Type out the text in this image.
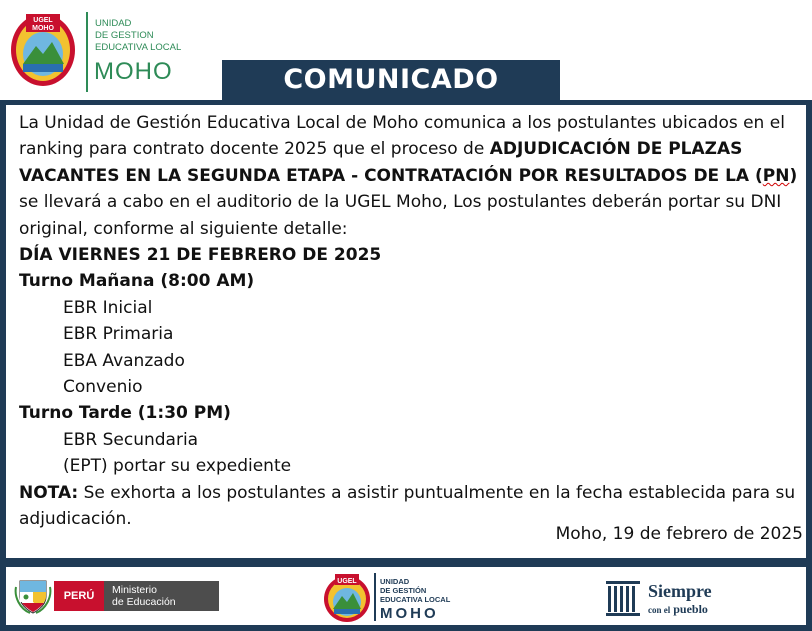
UGEL
MOHO	UNIDAD
DE GESTION
EDUCATIVA LOCAL
MOHO	COMUNICADO
La Unidad de Gestión Educativa Local de Moho comunica a los postulantes ubicados en el ranking para contrato docente 2025 que el proceso de ADJUDICACIÓN DE PLAZAS VACANTES EN LA SEGUNDA ETAPA - CONTRATACIÓN POR RESULTADOS DE LA (PN) se llevará a cabo en el auditorio de la UGEL Moho, Los postulantes deberán portar su DNI original, conforme al siguiente detalle:
DÍA VIERNES 21 DE FEBRERO DE 2025
Turno Mañana (8:00 AM)
EBR Inicial
EBR Primaria
EBA Avanzado
Convenio
Turno Tarde (1:30 PM)
EBR Secundaria
(EPT) portar su expediente
NOTA: Se exhorta a los postulantes a asistir puntualmente en la fecha establecida para su adjudicación.
Moho, 19 de febrero de 2025
PERÚ	Ministerio
de Educación
UGEL	UNIDAD
DE GESTIÓN
EDUCATIVA LOCAL
MOHO
Siempre
con el pueblo
